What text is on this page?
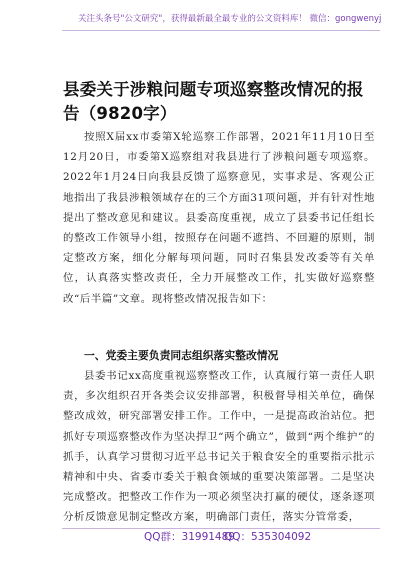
关注头条号"公文研究"，获得最新最全最专业的公文资料库！ 微信：gongwenyj
县委关于涉粮问题专项巡察整改情况的报告（9820字）
按照X届xx市委第X轮巡察工作部署，2021年11月10日至12月20日，市委第X巡察组对我县进行了涉粮问题专项巡察。2022年1月24日向我县反馈了巡察意见，实事求是、客观公正地指出了我县涉粮领域存在的三个方面31项问题，并有针对性地提出了整改意见和建议。县委高度重视，成立了县委书记任组长的整改工作领导小组，按照存在问题不遮挡、不回避的原则，制定整改方案，细化分解每项问题，同时召集县发改委等有关单位，认真落实整改责任，全力开展整改工作，扎实做好巡察整改“后半篇”文章。现将整改情况报告如下：
一、党委主要负责同志组织落实整改情况
县委书记xx高度重视巡察整改工作，认真履行第一责任人职责，多次组织召开各类会议安排部署，积极督导相关单位，确保整改成效，研究部署安排工作。工作中，一是提高政治站位。把抓好专项巡察整改作为坚决捍卫“两个确立”，做到“两个维护”的抓手，认真学习贯彻习近平总书记关于粮食安全的重要指示批示精神和中央、省委市委关于粮食领域的重要决策部署。二是坚决完成整改。把整改工作作为一项必须坚决打赢的硬仗，逐条逐项分析反馈意见制定整改方案，明确部门责任，落实分管常委，
QQ群：31991489
QQ：535304092
